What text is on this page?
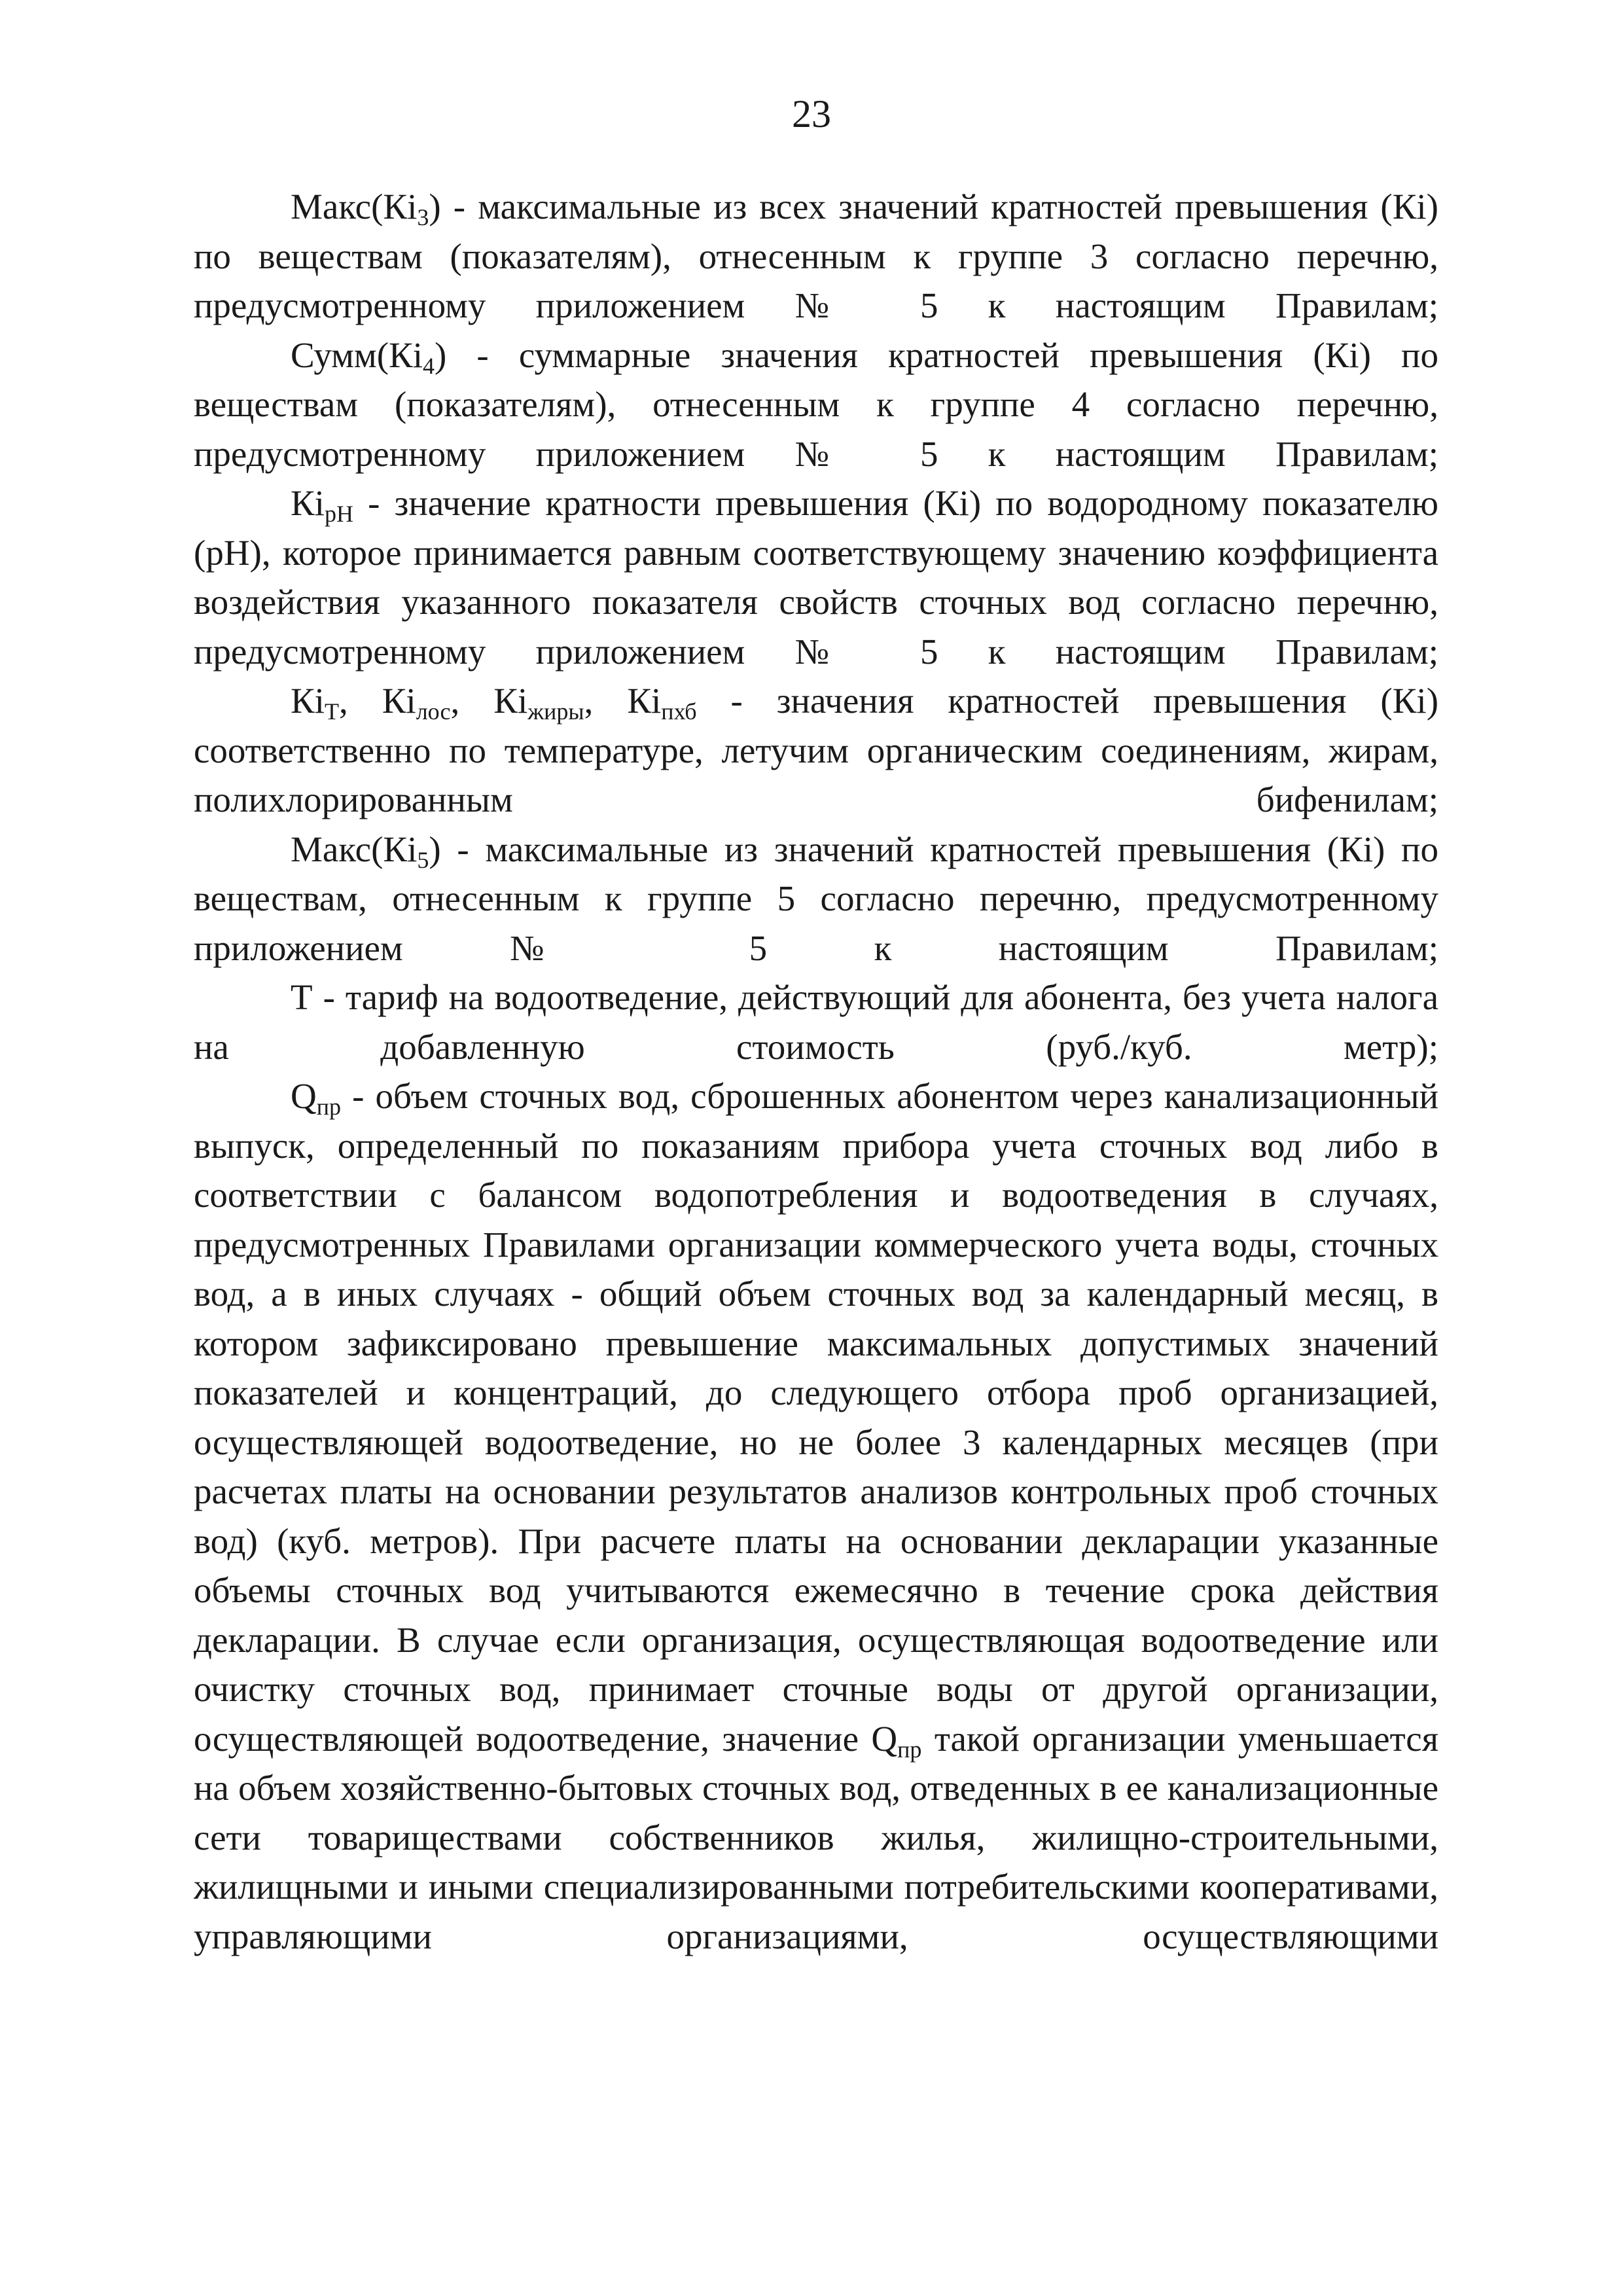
23

$Макс(Кi_3)$ - максимальные из всех значений кратностей превышения (Кi) по веществам (показателям), отнесенным к группе 3 согласно перечню, предусмотренному приложением № 5 к настоящим Правилам;

$Сумм(Кi_4)$ - суммарные значения кратностей превышения (Кi) по веществам (показателям), отнесенным к группе 4 согласно перечню, предусмотренному приложением № 5 к настоящим Правилам;

$Кi_{рН}$ - значение кратности превышения (Кi) по водородному показателю (рН), которое принимается равным соответствующему значению коэффициента воздействия указанного показателя свойств сточных вод согласно перечню, предусмотренному приложением № 5 к настоящим Правилам;

$Кi_Т$, $Кi_{лос}$, $Кi_{жиры}$, $Кi_{пхб}$ - значения кратностей превышения (Кi) соответственно по температуре, летучим органическим соединениям, жирам, полихлорированным бифенилам;

$Макс(Кi_5)$ - максимальные из значений кратностей превышения (Кi) по веществам, отнесенным к группе 5 согласно перечню, предусмотренному приложением № 5 к настоящим Правилам;

Т - тариф на водоотведение, действующий для абонента, без учета налога на добавленную стоимость (руб./куб. метр);

$Q_{пр}$ - объем сточных вод, сброшенных абонентом через канализационный выпуск, определенный по показаниям прибора учета сточных вод либо в соответствии с балансом водопотребления и водоотведения в случаях, предусмотренных Правилами организации коммерческого учета воды, сточных вод, а в иных случаях - общий объем сточных вод за календарный месяц, в котором зафиксировано превышение максимальных допустимых значений показателей и концентраций, до следующего отбора проб организацией, осуществляющей водоотведение, но не более 3 календарных месяцев (при расчетах платы на основании результатов анализов контрольных проб сточных вод) (куб. метров). При расчете платы на основании декларации указанные объемы сточных вод учитываются ежемесячно в течение срока действия декларации. В случае если организация, осуществляющая водоотведение или очистку сточных вод, принимает сточные воды от другой организации, осуществляющей водоотведение, значение $Q_{пр}$ такой организации уменьшается на объем хозяйственно-бытовых сточных вод, отведенных в ее канализационные сети товариществами собственников жилья, жилищно-строительными, жилищными и иными специализированными потребительскими кооперативами, управляющими организациями, осуществляющими
